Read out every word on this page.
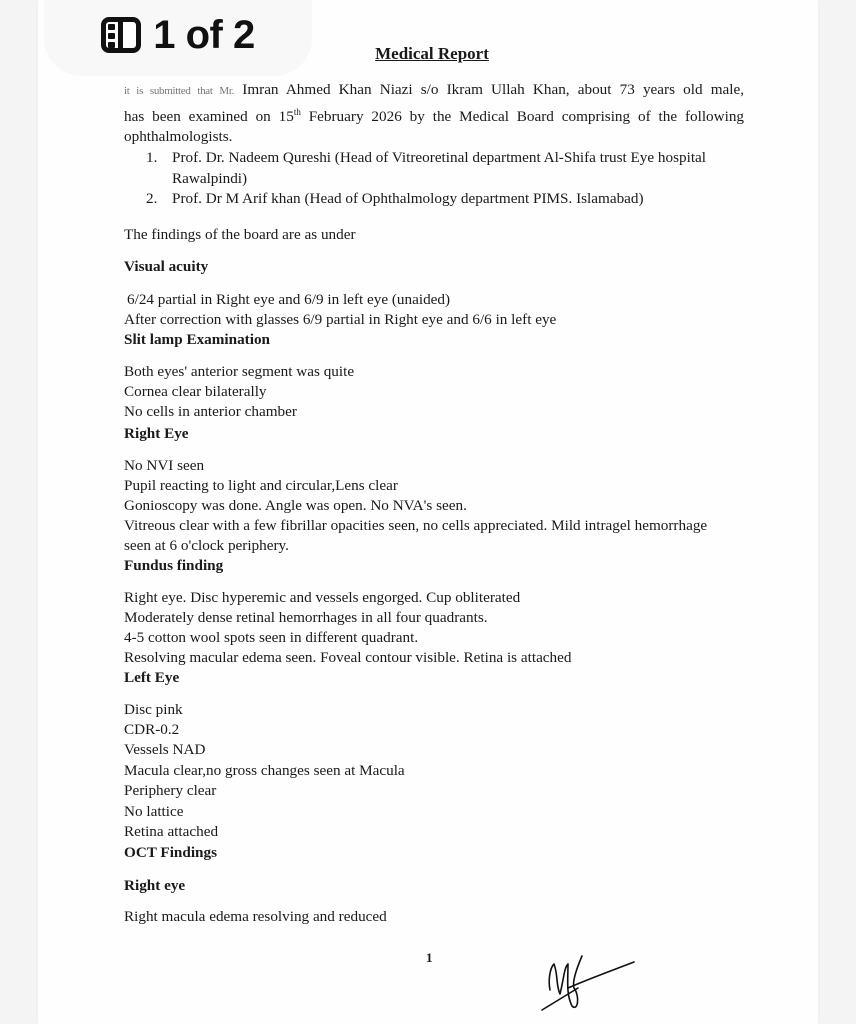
1 of 2	Medical Report
it is submitted that Mr. Imran Ahmed Khan Niazi s/o Ikram Ullah Khan, about 73 years old male,
has been examined on 15th February 2026 by the Medical Board comprising of the following
ophthalmologists.
1. Prof. Dr. Nadeem Qureshi (Head of Vitreoretinal department Al-Shifa trust Eye hospital
Rawalpindi)
2. Prof. Dr M Arif khan (Head of Ophthalmology department PIMS. Islamabad)
The findings of the board are as under
Visual acuity
6/24 partial in Right eye and 6/9 in left eye (unaided)
After correction with glasses 6/9 partial in Right eye and 6/6 in left eye
Slit lamp Examination
Both eyes' anterior segment was quite
Cornea clear bilaterally
No cells in anterior chamber
Right Eye
No NVI seen
Pupil reacting to light and circular,Lens clear
Gonioscopy was done. Angle was open. No NVA's seen.
Vitreous clear with a few fibrillar opacities seen, no cells appreciated. Mild intragel hemorrhage
seen at 6 o'clock periphery.
Fundus finding
Right eye. Disc hyperemic and vessels engorged. Cup obliterated
Moderately dense retinal hemorrhages in all four quadrants.
4-5 cotton wool spots seen in different quadrant.
Resolving macular edema seen. Foveal contour visible. Retina is attached
Left Eye
Disc pink
CDR-0.2
Vessels NAD
Macula clear,no gross changes seen at Macula
Periphery clear
No lattice
Retina attached
OCT Findings
Right eye
Right macula edema resolving and reduced
1
